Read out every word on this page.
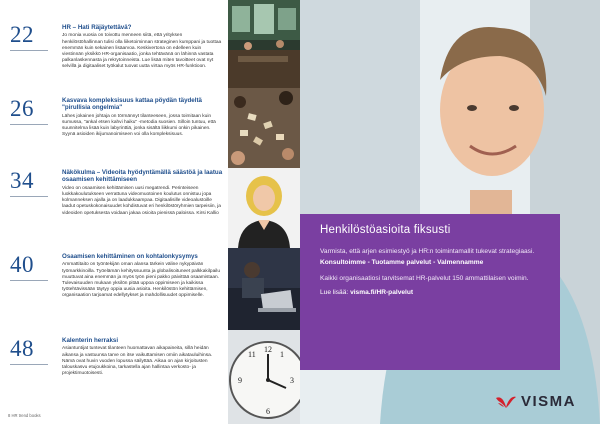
22	HR – Hati Räjäytettävä?
Jo monia vuosia on toivottu menneen siitä, että yrityksen henkilöstöhallinnan tulisi olla liiketoiminnan strateginen kumppani ja tuottaa enemmän kuin sekainen lisäarvoa. Keskivertona on edelleen kuin viestinnän yksikkö HR-organisaatio, jonka tehtävänä on lähinnä vastata palkanlaskennasta ja rekrytoinneista. Lue lisää miten tavoitteet ovat nyt selvillä ja digitaaliset työkalut tuovat uutta virtaa myös HR-funktioon.
26	Kasvava kompleksisuus kattaa pöydän täydeltä "pirullisia ongelmia"
Lähes jokainen johtaja on törmännyt tilanteeseen, jossa toimitaan kuin sumussa, "ankal etsen kahvi haiku" -metodia suosien. Silloin tuntuu, että suunnitelma lisää kuin labyrinttiä, jonka sisältä liikkumi onkin pikainen. Syynä asioiden ikijumanoimiseen voi olla kompleksisuus.
34	Näkökulma – Videoita hyödyntämällä säästöä ja laatua osaamisen kehittämiseen
Video on osaamisen kehittämisen uusi megatrendi. Perinteiseen luokkakoulutukseen verrattuna videomuotoinen koulutus onnistuu jopa kolmanneksen ajalla ja on laadukkaampaa. Digitaalisille videoalustoille laadut opetuskokonaisuudet kohdistuvat eri henkilöstöryhmien tarpeisiin, ja videoiden opetuksesta voidaan jakaa osioita pienissä paloissa. Kirsi Kallio
40	Osaamisen kehittäminen on kohtalonkysymys
Ammattitaito on työntekijän oman alansa tärkein väline nykypäivän työmarkkinoilla. Työelämän kehityssuunta ja globalisoituneet palkkakilpailu muuttuvat aina enemmän ja myös työn pieni pakko päivittää osaamistaan. Tulevaisuuden mukaan yksilön pitää uppoa oppimiseen ja kaikissa työtehtävissään täytyy oppia uusia asioita. Henkilöstön kehittämisen, organisaation tarjoamat edellytykset ja mahdollisuudet oppimiselle.
48	Kalenterin herraksi
Asiantuntijat tuntevat tilanteen huomattavan aikapaineita, sillä heidän aikansa ja vastuunsa tarve on itse vaikuttamisen omiin aikatauluihinsa. Nämä ovat huvin vuoden lopussa säilyttää. Aikaa on ajan kirjoitusten talouskasvu etujoukkoina, tarkastella ajan hallintaa verkosto- ja projektimuotoisesti.
12
3
6
9
1
11
8 HR trend books
Henkilöstöasioita fiksusti
Varmista, että arjen esimiestyö ja HR:n toimintamallit tukevat strategiaasi.
Konsultoimme - Tuotamme palvelut - Valmennamme
Kaikki organisaatiosi tarvitsemat HR-palvelut 150 ammattilaisen voimin.
Lue lisää: visma.fi/HR-palvelut
VISMA
